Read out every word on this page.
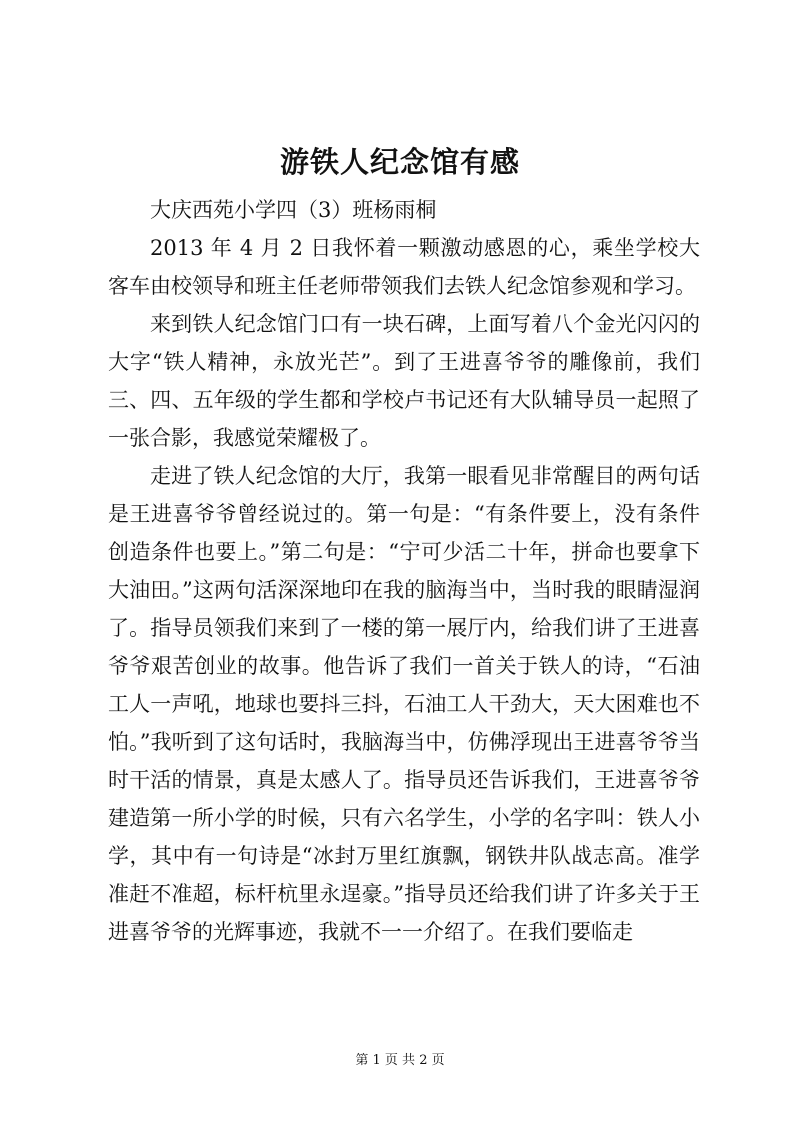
游铁人纪念馆有感

大庆西苑小学四（3）班杨雨桐

2013 年 4 月 2 日我怀着一颗激动感恩的心，乘坐学校大客车由校领导和班主任老师带领我们去铁人纪念馆参观和学习。

来到铁人纪念馆门口有一块石碑，上面写着八个金光闪闪的大字“铁人精神，永放光芒”。到了王进喜爷爷的雕像前，我们三、四、五年级的学生都和学校卢书记还有大队辅导员一起照了一张合影，我感觉荣耀极了。

走进了铁人纪念馆的大厅，我第一眼看见非常醒目的两句话是王进喜爷爷曾经说过的。第一句是：“有条件要上，没有条件创造条件也要上。”第二句是：“宁可少活二十年，拼命也要拿下大油田。”这两句活深深地印在我的脑海当中，当时我的眼睛湿润了。指导员领我们来到了一楼的第一展厅内，给我们讲了王进喜爷爷艰苦创业的故事。他告诉了我们一首关于铁人的诗，“石油工人一声吼，地球也要抖三抖，石油工人干劲大，天大困难也不怕。”我听到了这句话时，我脑海当中，仿佛浮现出王进喜爷爷当时干活的情景，真是太感人了。指导员还告诉我们，王进喜爷爷建造第一所小学的时候，只有六名学生，小学的名字叫：铁人小学，其中有一句诗是“冰封万里红旗飘，钢铁井队战志高。准学准赶不准超，标杆杭里永逞豪。”指导员还给我们讲了许多关于王进喜爷爷的光辉事迹，我就不一一介绍了。在我们要临走

第 1 页 共 2 页
